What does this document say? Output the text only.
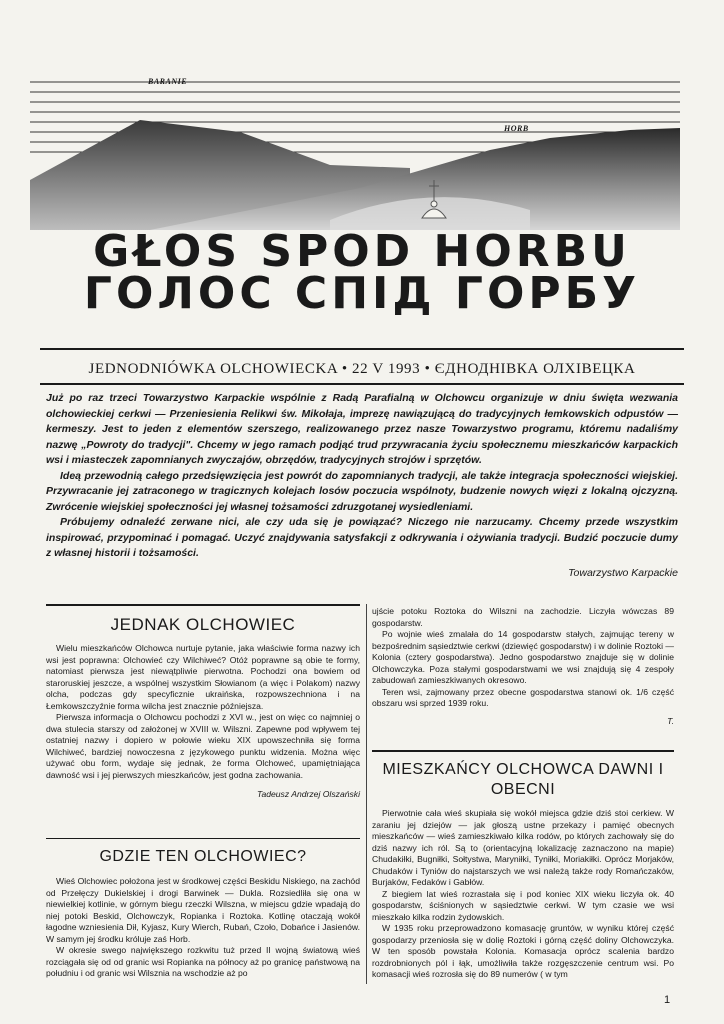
BARANIE
HORB
GŁOS SPOD HORBU
ГОЛОС СПІД ГОРБУ
JEDNODNIÓWKA OLCHOWIECKA • 22 V 1993 • ЄДНОДНІВКА ОЛХІВЕЦКА

Już po raz trzeci Towarzystwo Karpackie wspólnie z Radą Parafialną w Olchowcu organizuje w dniu święta wezwania olchowieckiej cerkwi — Przeniesienia Relikwi św. Mikołaja, imprezę nawiązującą do tradycyjnych łemkowskich odpustów — kermeszy. Jest to jeden z elementów szerszego, realizowanego przez nasze Towarzystwo programu, któremu nadaliśmy nazwę „Powroty do tradycji". Chcemy w jego ramach podjąć trud przywracania życiu społecznemu mieszkańców karpackich wsi i miasteczek zapomnianych zwyczajów, obrzędów, tradycyjnych strojów i sprzętów.

Ideą przewodnią całego przedsięwzięcia jest powrót do zapomnianych tradycji, ale także integracja społeczności wiejskiej. Przywracanie jej zatraconego w tragicznych kolejach losów poczucia wspólnoty, budzenie nowych więzi z lokalną ojczyzną. Zwrócenie wiejskiej społeczności jej własnej tożsamości zdruzgotanej wysiedleniami.

Próbujemy odnaleźć zerwane nici, ale czy uda się je powiązać? Niczego nie narzucamy. Chcemy przede wszystkim inspirować, przypominać i pomagać. Uczyć znajdywania satysfakcji z odkrywania i ożywiania tradycji. Budzić poczucie dumy z własnej historii i tożsamości.

Towarzystwo Karpackie
JEDNAK OLCHOWIEC

Wielu mieszkańców Olchowca nurtuje pytanie, jaka właściwie forma nazwy ich wsi jest poprawna: Olchowieć czy Wilchiweć? Otóż poprawne są obie te formy, natomiast pierwsza jest niewątpliwie pierwotna. Pochodzi ona bowiem od staroruskiej jeszcze, a wspólnej wszystkim Słowianom (a więc i Polakom) nazwy olcha, podczas gdy specyficznie ukraińska, rozpowszechniona i na Łemkowszczyźnie forma wilcha jest znacznie późniejsza.

Pierwsza informacja o Olchowcu pochodzi z XVI w., jest on więc co najmniej o dwa stulecia starszy od założonej w XVIII w. Wilszni. Zapewne pod wpływem tej ostatniej nazwy i dopiero w połowie wieku XIX upowszechniła się forma Wilchiweć, bardziej nowoczesna z językowego punktu widzenia. Można więc używać obu form, wydaje się jednak, że forma Olchoweć, upamiętniająca dawność wsi i jej pierwszych mieszkańców, jest godna zachowania.

Tadeusz Andrzej Olszański
GDZIE TEN OLCHOWIEC?

Wieś Olchowiec położona jest w środkowej części Beskidu Niskiego, na zachód od Przełęczy Dukielskiej i drogi Barwinek — Dukla. Rozsiedliła się ona w niewielkiej kotlinie, w górnym biegu rzeczki Wilszna, w miejscu gdzie wpadają do niej potoki Beskid, Olchowczyk, Ropianka i Roztoka. Kotlinę otaczają wokół łagodne wzniesienia Dił, Kyjasz, Kury Wierch, Rubań, Czoło, Dobańce i Jasienów. W samym jej środku króluje zaś Horb.

W okresie swego największego rozkwitu tuż przed II wojną światową wieś rozciągała się od od granic wsi Ropianka na północy aż po granicę państwową na południu i od granic wsi Wilsznia na wschodzie aż po

ujście potoku Roztoka do Wilszni na zachodzie. Liczyła wówczas 89 gospodarstw.

Po wojnie wieś zmalała do 14 gospodarstw stałych, zajmując tereny w bezpośrednim sąsiedztwie cerkwi (dziewięć gospodarstw) i w dolinie Roztoki — Kolonia (cztery gospodarstwa). Jedno gospodarstwo znajduje się w dolinie Olchowczyka. Poza stałymi gospodarstwami we wsi znajdują się 4 zespoły zabudowań zamieszkiwanych okresowo.

Teren wsi, zajmowany przez obecne gospodarstwa stanowi ok. 1/6 część obszaru wsi sprzed 1939 roku.

T.
MIESZKAŃCY OLCHOWCA DAWNI I OBECNI

Pierwotnie cała wieś skupiała się wokół miejsca gdzie dziś stoi cerkiew. W zaraniu jej dziejów — jak głoszą ustne przekazy i pamięć obecnych mieszkańców — wieś zamieszkiwało kilka rodów, po których zachowały się do dziś nazwy ich ról. Są to (orientacyjną lokalizację zaznaczono na mapie) Chudakiłki, Bugniłki, Sołtystwa, Maryniłki, Tyniłki, Moriakiłki. Oprócz Morjaków, Chudaków i Tyniów do najstarszych we wsi należą także rody Romańczaków, Burjaków, Fedaków i Gabłów.

Z biegiem lat wieś rozrastała się i pod koniec XIX wieku liczyła ok. 40 gospodarstw, ściśnionych w sąsiedztwie cerkwi. W tym czasie we wsi mieszkało kilka rodzin żydowskich.

W 1935 roku przeprowadzono komasację gruntów, w wyniku której część gospodarzy przeniosła się w dolię Roztoki i górną część doliny Olchowczyka. W ten sposób powstała Kolonia. Komasacja oprócz scalenia bardzo rozdrobnionych pól i łąk, umożliwiła także rozgęszczenie centrum wsi. Po komasacji wieś rozrosła się do 89 numerów ( w tym

1
